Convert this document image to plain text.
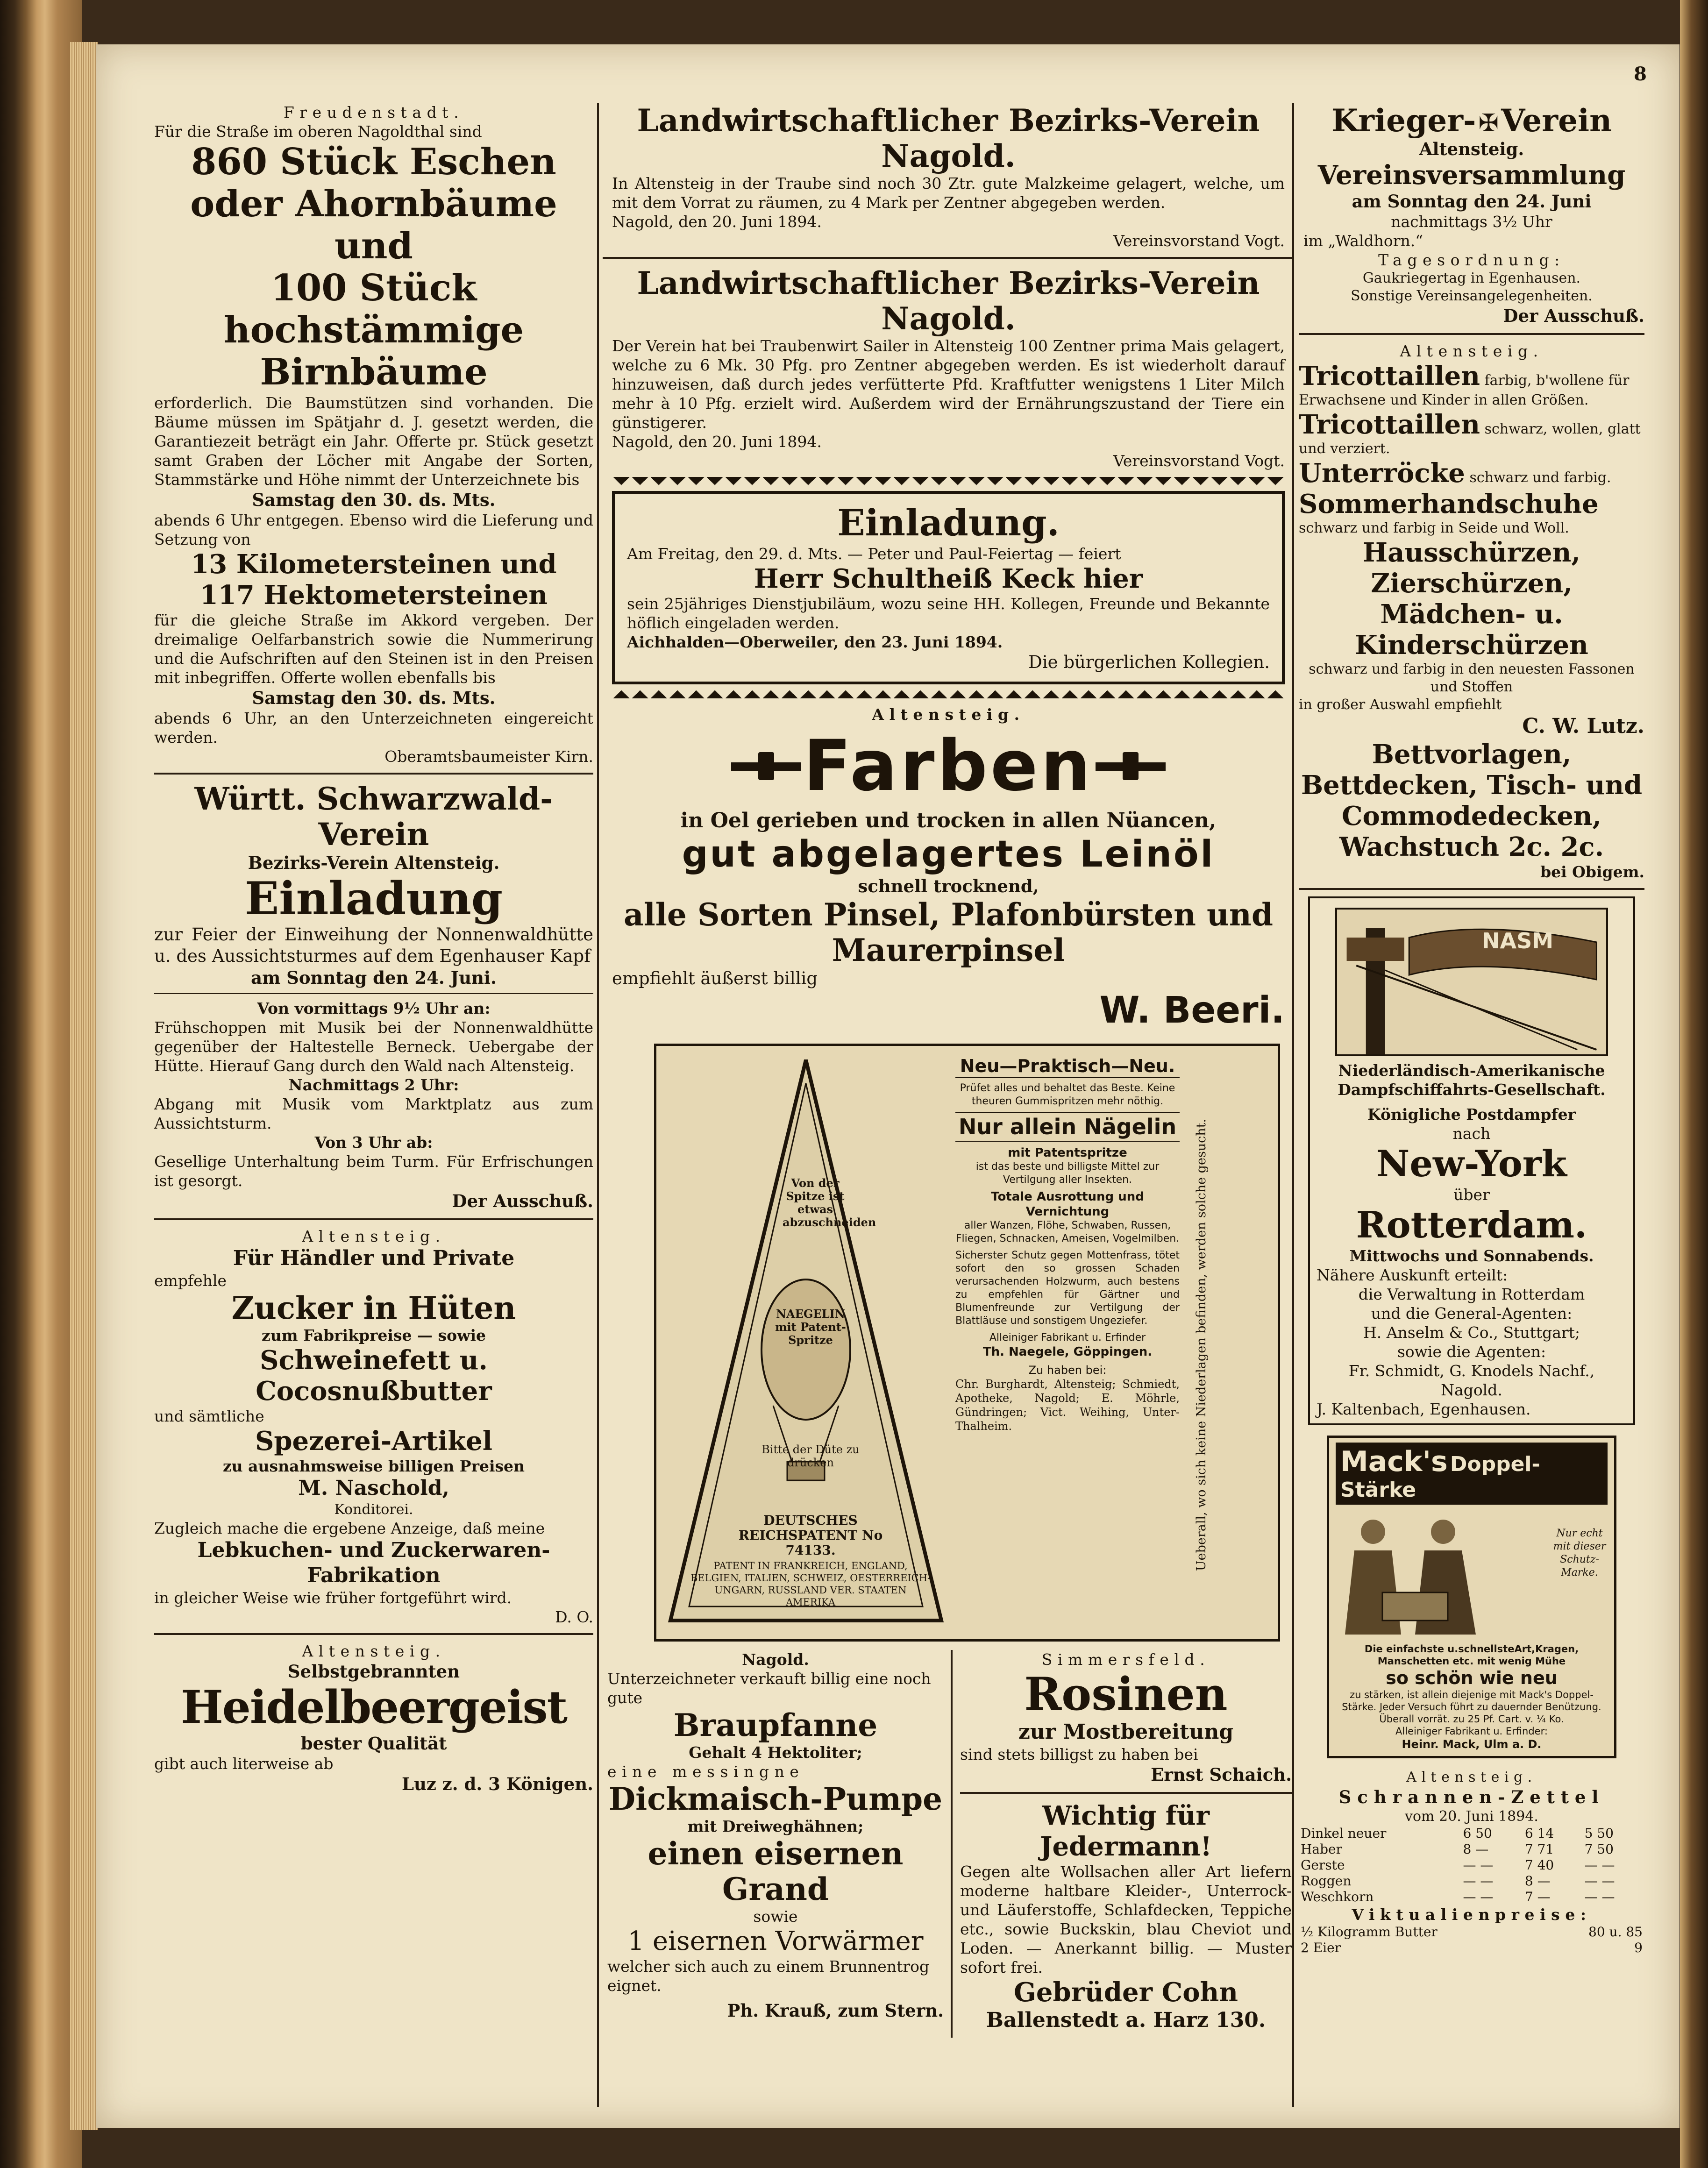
8

Freudenstadt.

Für die Straße im oberen Nagoldthal sind

860 Stück Eschen oder Ahornbäume und

100 Stück hochstämmige Birnbäume

erforderlich. Die Baumstützen sind vorhanden. Die Bäume müssen im Spätjahr d. J. gesetzt werden, die Garantiezeit beträgt ein Jahr. Offerte pr. Stück gesetzt samt Graben der Löcher mit Angabe der Sorten, Stammstärke und Höhe nimmt der Unterzeichnete bis

Samstag den 30. ds. Mts.

abends 6 Uhr entgegen. Ebenso wird die Lieferung und Setzung von

13 Kilometersteinen und

117 Hektometersteinen

für die gleiche Straße im Akkord vergeben. Der dreimalige Oelfarbanstrich sowie die Nummerirung und die Aufschriften auf den Steinen ist in den Preisen mit inbegriffen. Offerte wollen ebenfalls bis

Samstag den 30. ds. Mts.

abends 6 Uhr, an den Unterzeichneten eingereicht werden.

Oberamtsbaumeister Kirn.

Württ. Schwarzwald-Verein

Bezirks-Verein Altensteig.

Einladung

zur Feier der Einweihung der Nonnenwaldhütte u. des Aussichtsturmes auf dem Egenhauser Kapf

am Sonntag den 24. Juni.

Von vormittags 9½ Uhr an:

Frühschoppen mit Musik bei der Nonnenwaldhütte gegenüber der Haltestelle Berneck. Uebergabe der Hütte. Hierauf Gang durch den Wald nach Altensteig.

Nachmittags 2 Uhr:

Abgang mit Musik vom Marktplatz aus zum Aussichtsturm.

Von 3 Uhr ab:

Gesellige Unterhaltung beim Turm. Für Erfrischungen ist gesorgt.

Der Ausschuß.

Altensteig.

Für Händler und Private

empfehle

Zucker in Hüten

zum Fabrikpreise — sowie

Schweinefett u. Cocosnußbutter

und sämtliche

Spezerei-Artikel

zu ausnahmsweise billigen Preisen

M. Naschold,

Konditorei.

Zugleich mache die ergebene Anzeige, daß meine

Lebkuchen- und Zuckerwaren-Fabrikation

in gleicher Weise wie früher fortgeführt wird.

D. O.

Altensteig.

Selbstgebrannten

Heidelbeergeist

bester Qualität

gibt auch literweise ab

Luz z. d. 3 Königen.

Landwirtschaftlicher Bezirks-Verein Nagold.

In Altensteig in der Traube sind noch 30 Ztr. gute Malzkeime gelagert, welche, um mit dem Vorrat zu räumen, zu 4 Mark per Zentner abgegeben werden.

Nagold, den 20. Juni 1894.

Vereinsvorstand Vogt.

Landwirtschaftlicher Bezirks-Verein Nagold.

Der Verein hat bei Traubenwirt Sailer in Altensteig 100 Zentner prima Mais gelagert, welche zu 6 Mk. 30 Pfg. pro Zentner abgegeben werden. Es ist wiederholt darauf hinzuweisen, daß durch jedes verfütterte Pfd. Kraftfutter wenigstens 1 Liter Milch mehr à 10 Pfg. erzielt wird. Außerdem wird der Ernährungszustand der Tiere ein günstigerer.

Nagold, den 20. Juni 1894.

Vereinsvorstand Vogt.

Einladung.

Am Freitag, den 29. d. Mts. — Peter und Paul-Feiertag — feiert

Herr Schultheiß Keck hier

sein 25jähriges Dienstjubiläum, wozu seine HH. Kollegen, Freunde und Bekannte höflich eingeladen werden.

Aichhalden—Oberweiler, den 23. Juni 1894.

Die bürgerlichen Kollegien.

Altensteig.

Farben

in Oel gerieben und trocken in allen Nüancen,

gut abgelagertes Leinöl

schnell trocknend,

alle Sorten Pinsel, Plafonbürsten und Maurerpinsel

empfiehlt äußerst billig

W. Beeri.

Von der Spitze ist etwas abzuschneiden
NAEGELIN mit Patent-Spritze
Bitte der Düte zu drücken
DEUTSCHES REICHSPATENT No 74133.
PATENT IN FRANKREICH, ENGLAND, BELGIEN, ITALIEN, SCHWEIZ, OESTERREICH-UNGARN, RUSSLAND VER. STAATEN AMERIKA

Neu—Praktisch—Neu.

Prüfet alles und behaltet das Beste. Keine theuren Gummispritzen mehr nöthig.

Nur allein Nägelin

mit Patentspritze

ist das beste und billigste Mittel zur Vertilgung aller Insekten.

Totale Ausrottung und Vernichtung

aller Wanzen, Flöhe, Schwaben, Russen, Fliegen, Schnacken, Ameisen, Vogelmilben.

Sicherster Schutz gegen Mottenfrass, tötet sofort den so grossen Schaden verursachenden Holzwurm, auch bestens zu empfehlen für Gärtner und Blumenfreunde zur Vertilgung der Blattläuse und sonstigem Ungeziefer.

Alleiniger Fabrikant u. Erfinder

Th. Naegele, Göppingen.

Zu haben bei:

Chr. Burghardt, Altensteig; Schmiedt, Apotheke, Nagold; E. Möhrle, Gündringen; Vict. Weihing, Unter-Thalheim.	Ueberall, wo sich keine Niederlagen befinden, werden solche gesucht.

Nagold.

Unterzeichneter verkauft billig eine noch gute

Braupfanne

Gehalt 4 Hektoliter;

eine messingne

Dickmaisch-Pumpe

mit Dreiweghähnen;

einen eisernen Grand

sowie

1 eisernen Vorwärmer

welcher sich auch zu einem Brunnentrog eignet.

Ph. Krauß, zum Stern.

Simmersfeld.

Rosinen

zur Mostbereitung

sind stets billigst zu haben bei

Ernst Schaich.

Wichtig für Jedermann!

Gegen alte Wollsachen aller Art liefern moderne haltbare Kleider-, Unterrock- und Läuferstoffe, Schlafdecken, Teppiche etc., sowie Buckskin, blau Cheviot und Loden. — Anerkannt billig. — Muster sofort frei.

Gebrüder Cohn

Ballenstedt a. Harz 130.

Krieger- ✠ Verein

Altensteig.

Vereinsversammlung

am Sonntag den 24. Juni

nachmittags 3½ Uhr

im „Waldhorn.“

Tagesordnung:

Gaukriegertag in Egenhausen.

Sonstige Vereinsangelegenheiten.

Der Ausschuß.

Altensteig.

Tricottaillen farbig, b'wollene für Erwachsene und Kinder in allen Größen.

Tricottaillen schwarz, wollen, glatt und verziert.

Unterröcke schwarz und farbig.

Sommerhandschuhe schwarz und farbig in Seide und Woll.

Hausschürzen, Zierschürzen, Mädchen- u. Kinderschürzen

schwarz und farbig in den neuesten Fassonen und Stoffen

in großer Auswahl empfiehlt

C. W. Lutz.

Bettvorlagen, Bettdecken, Tisch- und Commodedecken, Wachstuch 2c. 2c.

bei Obigem.

NASM

Niederländisch-Amerikanische Dampfschiffahrts-Gesellschaft.

Königliche Postdampfer

nach

New-York

über

Rotterdam.

Mittwochs und Sonnabends.

Nähere Auskunft erteilt:

die Verwaltung in Rotterdam

und die General-Agenten:

H. Anselm & Co., Stuttgart;

sowie die Agenten:

Fr. Schmidt, G. Knodels Nachf., Nagold.

J. Kaltenbach, Egenhausen.

Mack's Doppel-Stärke

Nur echt mit dieser Schutz-Marke.

Die einfachste u.schnellsteArt,Kragen, Manschetten etc. mit wenig Mühe

so schön wie neu

zu stärken, ist allein diejenige mit Mack's Doppel-Stärke. Jeder Versuch führt zu dauernder Benützung.

Überall vorrät. zu 25 Pf. Cart. v. ¼ Ko.

Alleiniger Fabrikant u. Erfinder:

Heinr. Mack, Ulm a. D.

Altensteig.

Schrannen-Zettel

vom 20. Juni 1894.

Dinkel neuer	6 50	6 14	5 50
Haber	8 —	7 71	7 50
Gerste	— —	7 40	— —
Roggen	— —	8 —	— —
Weschkorn	— —	7 —	— —

Viktualienpreise:

½ Kilogramm Butter	80 u. 85
2 Eier	9
